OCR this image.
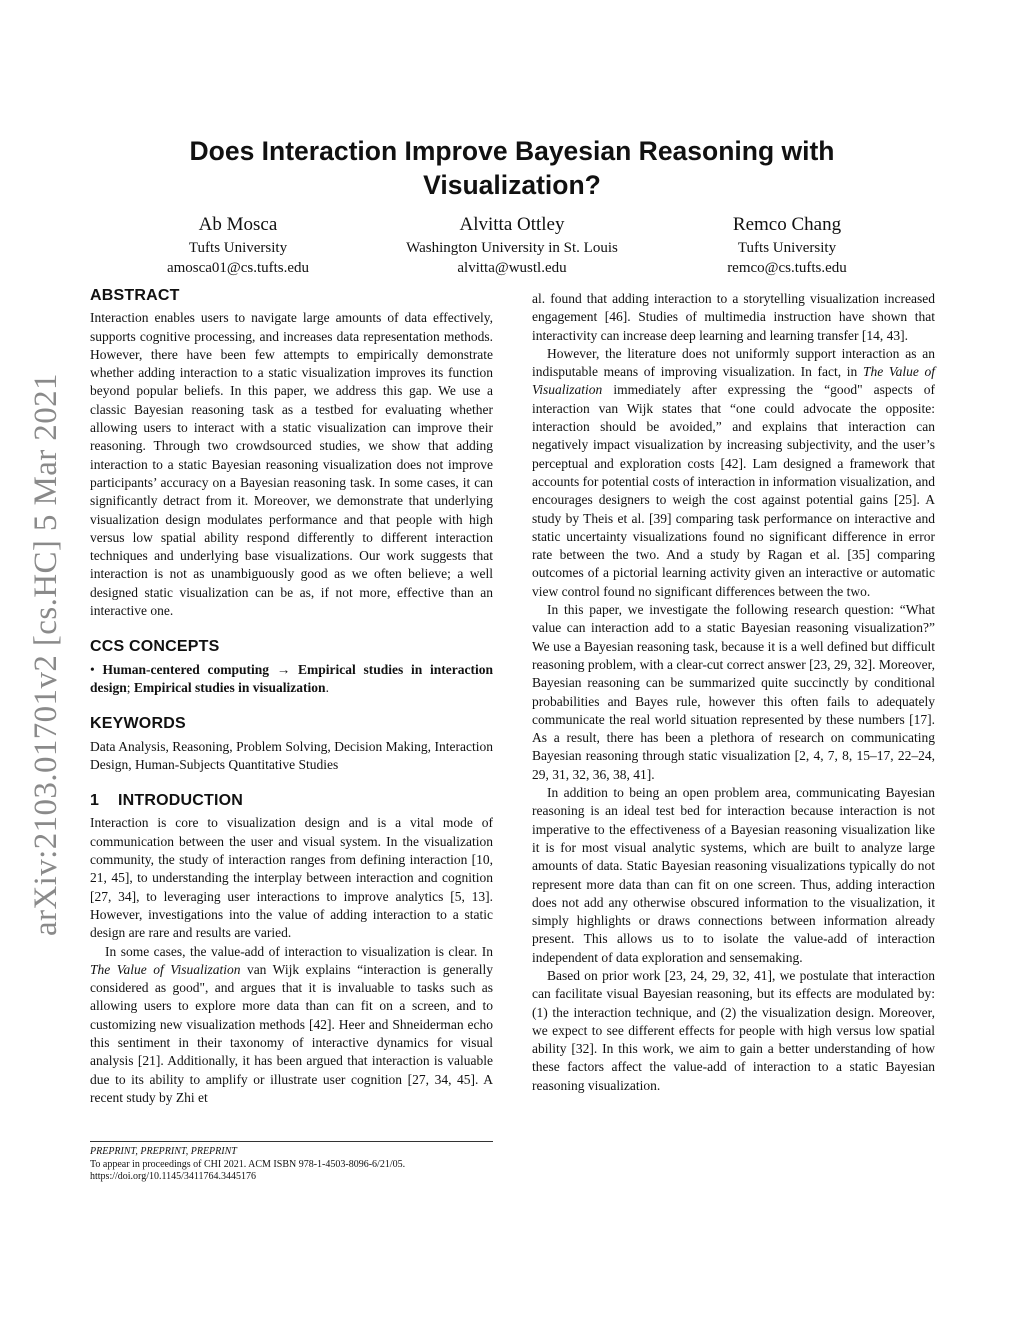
arXiv:2103.01701v2 [cs.HC] 5 Mar 2021
Does Interaction Improve Bayesian Reasoning with
Visualization?
Ab Mosca
Tufts University
amosca01@cs.tufts.edu
Alvitta Ottley
Washington University in St. Louis
alvitta@wustl.edu
Remco Chang
Tufts University
remco@cs.tufts.edu
ABSTRACT

Interaction enables users to navigate large amounts of data effectively, supports cognitive processing, and increases data representation methods. However, there have been few attempts to empirically demonstrate whether adding interaction to a static visualization improves its function beyond popular beliefs. In this paper, we address this gap. We use a classic Bayesian reasoning task as a testbed for evaluating whether allowing users to interact with a static visualization can improve their reasoning. Through two crowdsourced studies, we show that adding interaction to a static Bayesian reasoning visualization does not improve participants’ accuracy on a Bayesian reasoning task. In some cases, it can significantly detract from it. Moreover, we demonstrate that underlying visualization design modulates performance and that people with high versus low spatial ability respond differently to different interaction techniques and underlying base visualizations. Our work suggests that interaction is not as unambiguously good as we often believe; a well designed static visualization can be as, if not more, effective than an interactive one.

CCS CONCEPTS

• Human-centered computing → Empirical studies in interaction design; Empirical studies in visualization.

KEYWORDS

Data Analysis, Reasoning, Problem Solving, Decision Making, Interaction Design, Human-Subjects Quantitative Studies

1 INTRODUCTION

Interaction is core to visualization design and is a vital mode of communication between the user and visual system. In the visualization community, the study of interaction ranges from defining interaction [10, 21, 45], to understanding the interplay between interaction and cognition [27, 34], to leveraging user interactions to improve analytics [5, 13]. However, investigations into the value of adding interaction to a static design are rare and results are varied.

In some cases, the value-add of interaction to visualization is clear. In The Value of Visualization van Wijk explains “interaction is generally considered as good", and argues that it is invaluable to tasks such as allowing users to explore more data than can fit on a screen, and to customizing new visualization methods [42]. Heer and Shneiderman echo this sentiment in their taxonomy of interactive dynamics for visual analysis [21]. Additionally, it has been argued that interaction is valuable due to its ability to amplify or illustrate user cognition [27, 34, 45]. A recent study by Zhi et

PREPRINT, PREPRINT, PREPRINT
To appear in proceedings of CHI 2021. ACM ISBN 978-1-4503-8096-6/21/05.
https://doi.org/10.1145/3411764.3445176

al. found that adding interaction to a storytelling visualization increased engagement [46]. Studies of multimedia instruction have shown that interactivity can increase deep learning and learning transfer [14, 43].

However, the literature does not uniformly support interaction as an indisputable means of improving visualization. In fact, in The Value of Visualization immediately after expressing the “good" aspects of interaction van Wijk states that “one could advocate the opposite: interaction should be avoided,” and explains that interaction can negatively impact visualization by increasing subjectivity, and the user’s perceptual and exploration costs [42]. Lam designed a framework that accounts for potential costs of interaction in information visualization, and encourages designers to weigh the cost against potential gains [25]. A study by Theis et al. [39] comparing task performance on interactive and static uncertainty visualizations found no significant difference in error rate between the two. And a study by Ragan et al. [35] comparing outcomes of a pictorial learning activity given an interactive or automatic view control found no significant differences between the two.

In this paper, we investigate the following research question: “What value can interaction add to a static Bayesian reasoning visualization?” We use a Bayesian reasoning task, because it is a well defined but difficult reasoning problem, with a clear-cut correct answer [23, 29, 32]. Moreover, Bayesian reasoning can be summarized quite succinctly by conditional probabilities and Bayes rule, however this often fails to adequately communicate the real world situation represented by these numbers [17]. As a result, there has been a plethora of research on communicating Bayesian reasoning through static visualization [2, 4, 7, 8, 15–17, 22–24, 29, 31, 32, 36, 38, 41].

In addition to being an open problem area, communicating Bayesian reasoning is an ideal test bed for interaction because interaction is not imperative to the effectiveness of a Bayesian reasoning visualization like it is for most visual analytic systems, which are built to analyze large amounts of data. Static Bayesian reasoning visualizations typically do not represent more data than can fit on one screen. Thus, adding interaction does not add any otherwise obscured information to the visualization, it simply highlights or draws connections between information already present. This allows us to to isolate the value-add of interaction independent of data exploration and sensemaking.

Based on prior work [23, 24, 29, 32, 41], we postulate that interaction can facilitate visual Bayesian reasoning, but its effects are modulated by: (1) the interaction technique, and (2) the visualization design. Moreover, we expect to see different effects for people with high versus low spatial ability [32]. In this work, we aim to gain a better understanding of how these factors affect the value-add of interaction to a static Bayesian reasoning visualization.
